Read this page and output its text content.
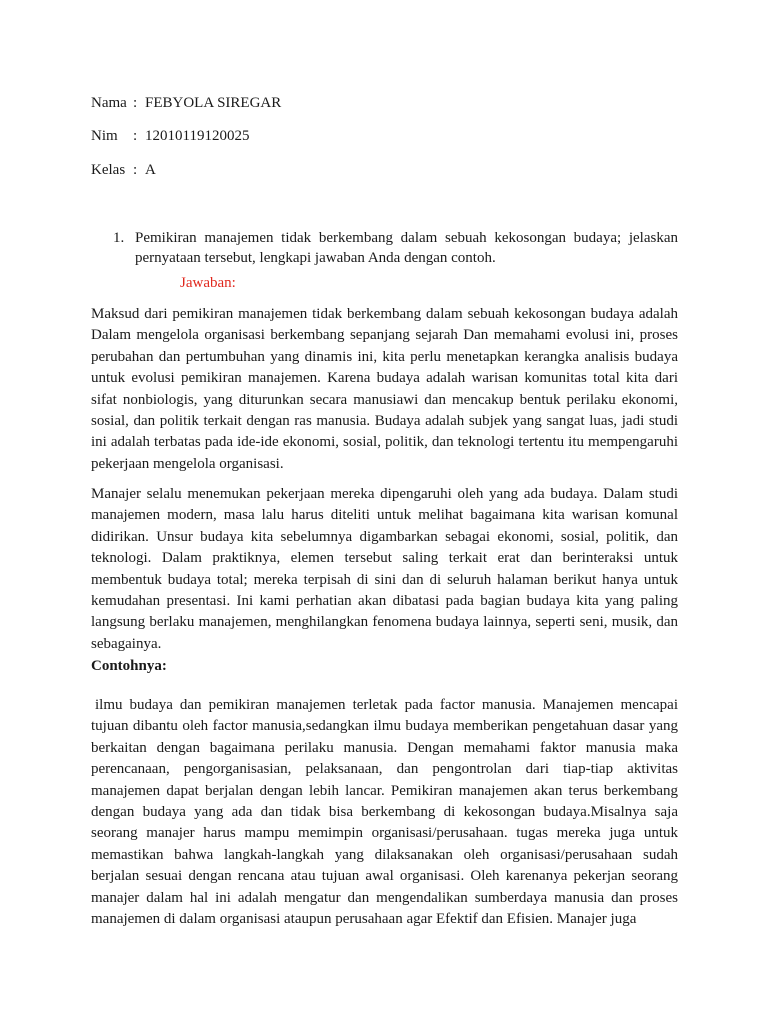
Nama : FEBYOLA SIREGAR
Nim : 12010119120025
Kelas : A
1. Pemikiran manajemen tidak berkembang dalam sebuah kekosongan budaya; jelaskan pernyataan tersebut, lengkapi jawaban Anda dengan contoh.
Jawaban:

Maksud dari pemikiran manajemen tidak berkembang dalam sebuah kekosongan budaya adalah Dalam mengelola organisasi berkembang sepanjang sejarah Dan memahami evolusi ini, proses perubahan dan pertumbuhan yang dinamis ini, kita perlu menetapkan kerangka analisis budaya untuk evolusi pemikiran manajemen. Karena budaya adalah warisan komunitas total kita dari sifat nonbiologis, yang diturunkan secara manusiawi dan mencakup bentuk perilaku ekonomi, sosial, dan politik terkait dengan ras manusia. Budaya adalah subjek yang sangat luas, jadi studi ini adalah terbatas pada ide-ide ekonomi, sosial, politik, dan teknologi tertentu itu mempengaruhi pekerjaan mengelola organisasi.

Manajer selalu menemukan pekerjaan mereka dipengaruhi oleh yang ada budaya. Dalam studi manajemen modern, masa lalu harus diteliti untuk melihat bagaimana kita warisan komunal didirikan. Unsur budaya kita sebelumnya digambarkan sebagai ekonomi, sosial, politik, dan teknologi. Dalam praktiknya, elemen tersebut saling terkait erat dan berinteraksi untuk membentuk budaya total; mereka terpisah di sini dan di seluruh halaman berikut hanya untuk kemudahan presentasi. Ini kami perhatian akan dibatasi pada bagian budaya kita yang paling langsung berlaku manajemen, menghilangkan fenomena budaya lainnya, seperti seni, musik, dan sebagainya.

Contohnya:

ilmu budaya dan pemikiran manajemen terletak pada factor manusia. Manajemen mencapai tujuan dibantu oleh factor manusia,sedangkan ilmu budaya memberikan pengetahuan dasar yang berkaitan dengan bagaimana perilaku manusia. Dengan memahami faktor manusia maka perencanaan, pengorganisasian, pelaksanaan, dan pengontrolan dari tiap-tiap aktivitas manajemen dapat berjalan dengan lebih lancar. Pemikiran manajemen akan terus berkembang dengan budaya yang ada dan tidak bisa berkembang di kekosongan budaya.Misalnya saja seorang manajer harus mampu memimpin organisasi/perusahaan. tugas mereka juga untuk memastikan bahwa langkah-langkah yang dilaksanakan oleh organisasi/perusahaan sudah berjalan sesuai dengan rencana atau tujuan awal organisasi. Oleh karenanya pekerjan seorang manajer dalam hal ini adalah mengatur dan mengendalikan sumberdaya manusia dan proses manajemen di dalam organisasi ataupun perusahaan agar Efektif dan Efisien. Manajer juga
